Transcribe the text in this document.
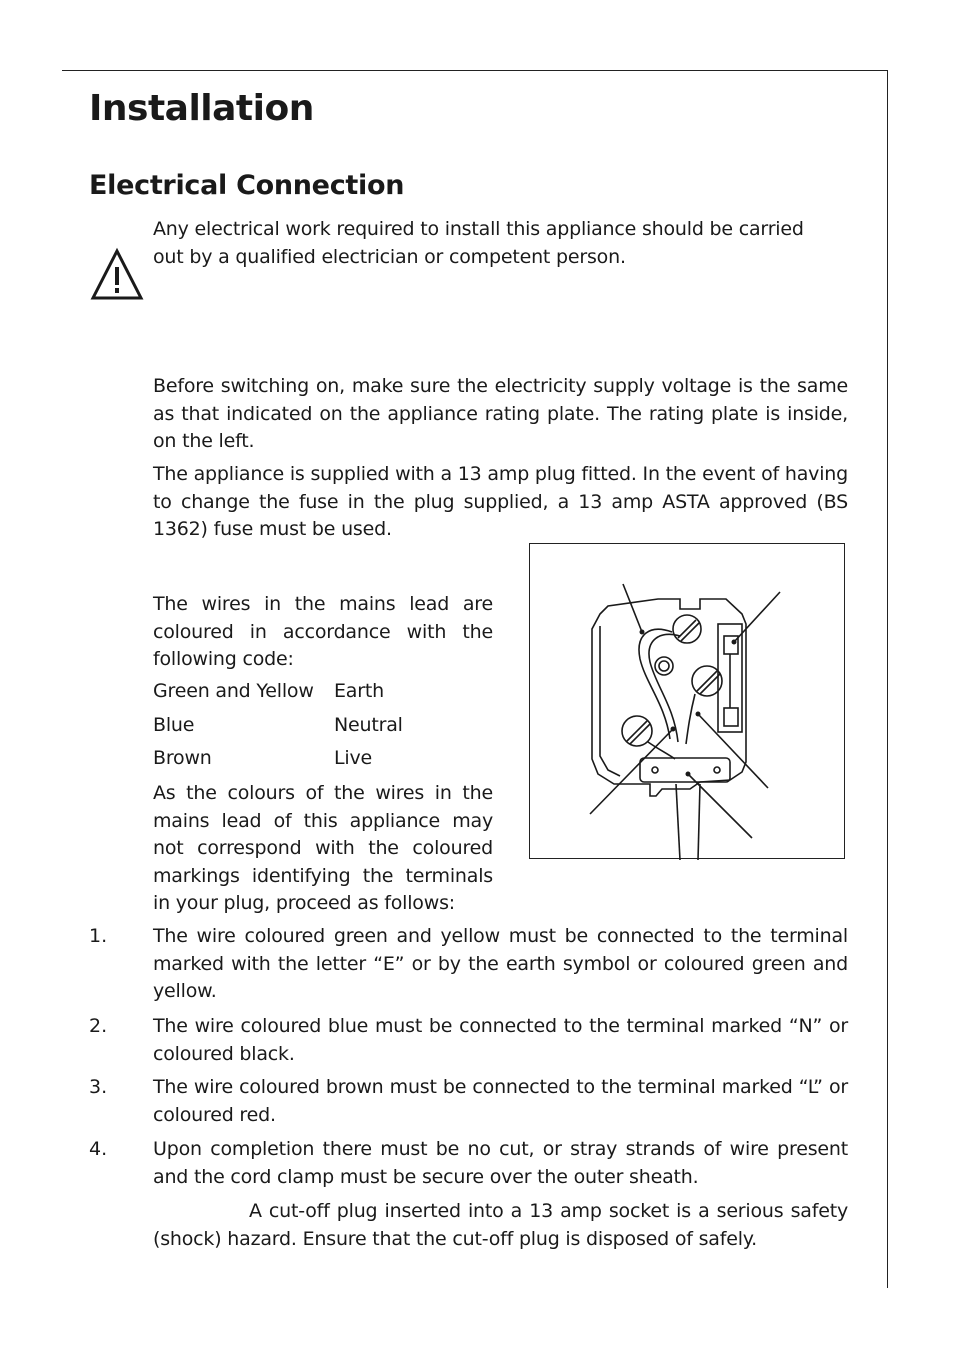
Installation
Electrical Connection

Any electrical work required to install this appliance should be carried out by a qualified electrician or competent person.

Before switching on, make sure the electricity supply voltage is the same as that indicated on the appliance rating plate. The rating plate is inside, on the left.

The appliance is supplied with a 13 amp plug fitted. In the event of having to change the fuse in the plug supplied, a 13 amp ASTA approved (BS 1362) fuse must be used.

The wires in the mains lead are coloured in accordance with the following code:

Green and Yellow Earth
Blue	Neutral
Brown	Live

As the colours of the wires in the mains lead of this appliance may not correspond with the coloured markings identifying the terminals in your plug, proceed as follows:

1. The wire coloured green and yellow must be connected to the terminal marked with the letter “E” or by the earth symbol or coloured green and yellow.
2. The wire coloured blue must be connected to the terminal marked “N” or coloured black.
3. The wire coloured brown must be connected to the terminal marked “L” or coloured red.
4. Upon completion there must be no cut, or stray strands of wire present and the cord clamp must be secure over the outer sheath.

A cut-off plug inserted into a 13 amp socket is a serious safety (shock) hazard. Ensure that the cut-off plug is disposed of safely.
